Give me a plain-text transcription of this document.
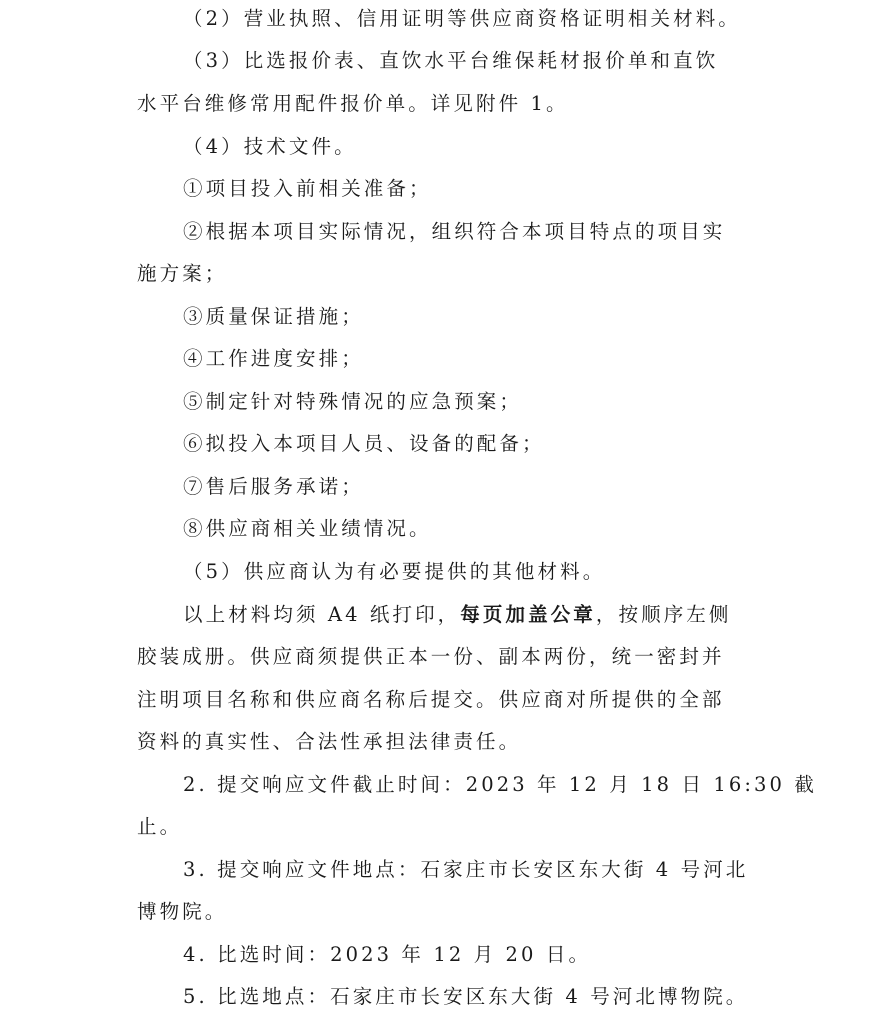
（2）营业执照、信用证明等供应商资格证明相关材料。
（3）比选报价表、直饮水平台维保耗材报价单和直饮
水平台维修常用配件报价单。详见附件 1。
（4）技术文件。
①项目投入前相关准备；
②根据本项目实际情况，组织符合本项目特点的项目实
施方案；
③质量保证措施；
④工作进度安排；
⑤制定针对特殊情况的应急预案；
⑥拟投入本项目人员、设备的配备；
⑦售后服务承诺；
⑧供应商相关业绩情况。
（5）供应商认为有必要提供的其他材料。
以上材料均须 A4 纸打印，每页加盖公章，按顺序左侧
胶装成册。供应商须提供正本一份、副本两份，统一密封并
注明项目名称和供应商名称后提交。供应商对所提供的全部
资料的真实性、合法性承担法律责任。
2. 提交响应文件截止时间：2023 年 12 月 18 日 16:30 截
止。
3. 提交响应文件地点：石家庄市长安区东大街 4 号河北
博物院。
4. 比选时间：2023 年 12 月 20 日。
5. 比选地点：石家庄市长安区东大街 4 号河北博物院。
